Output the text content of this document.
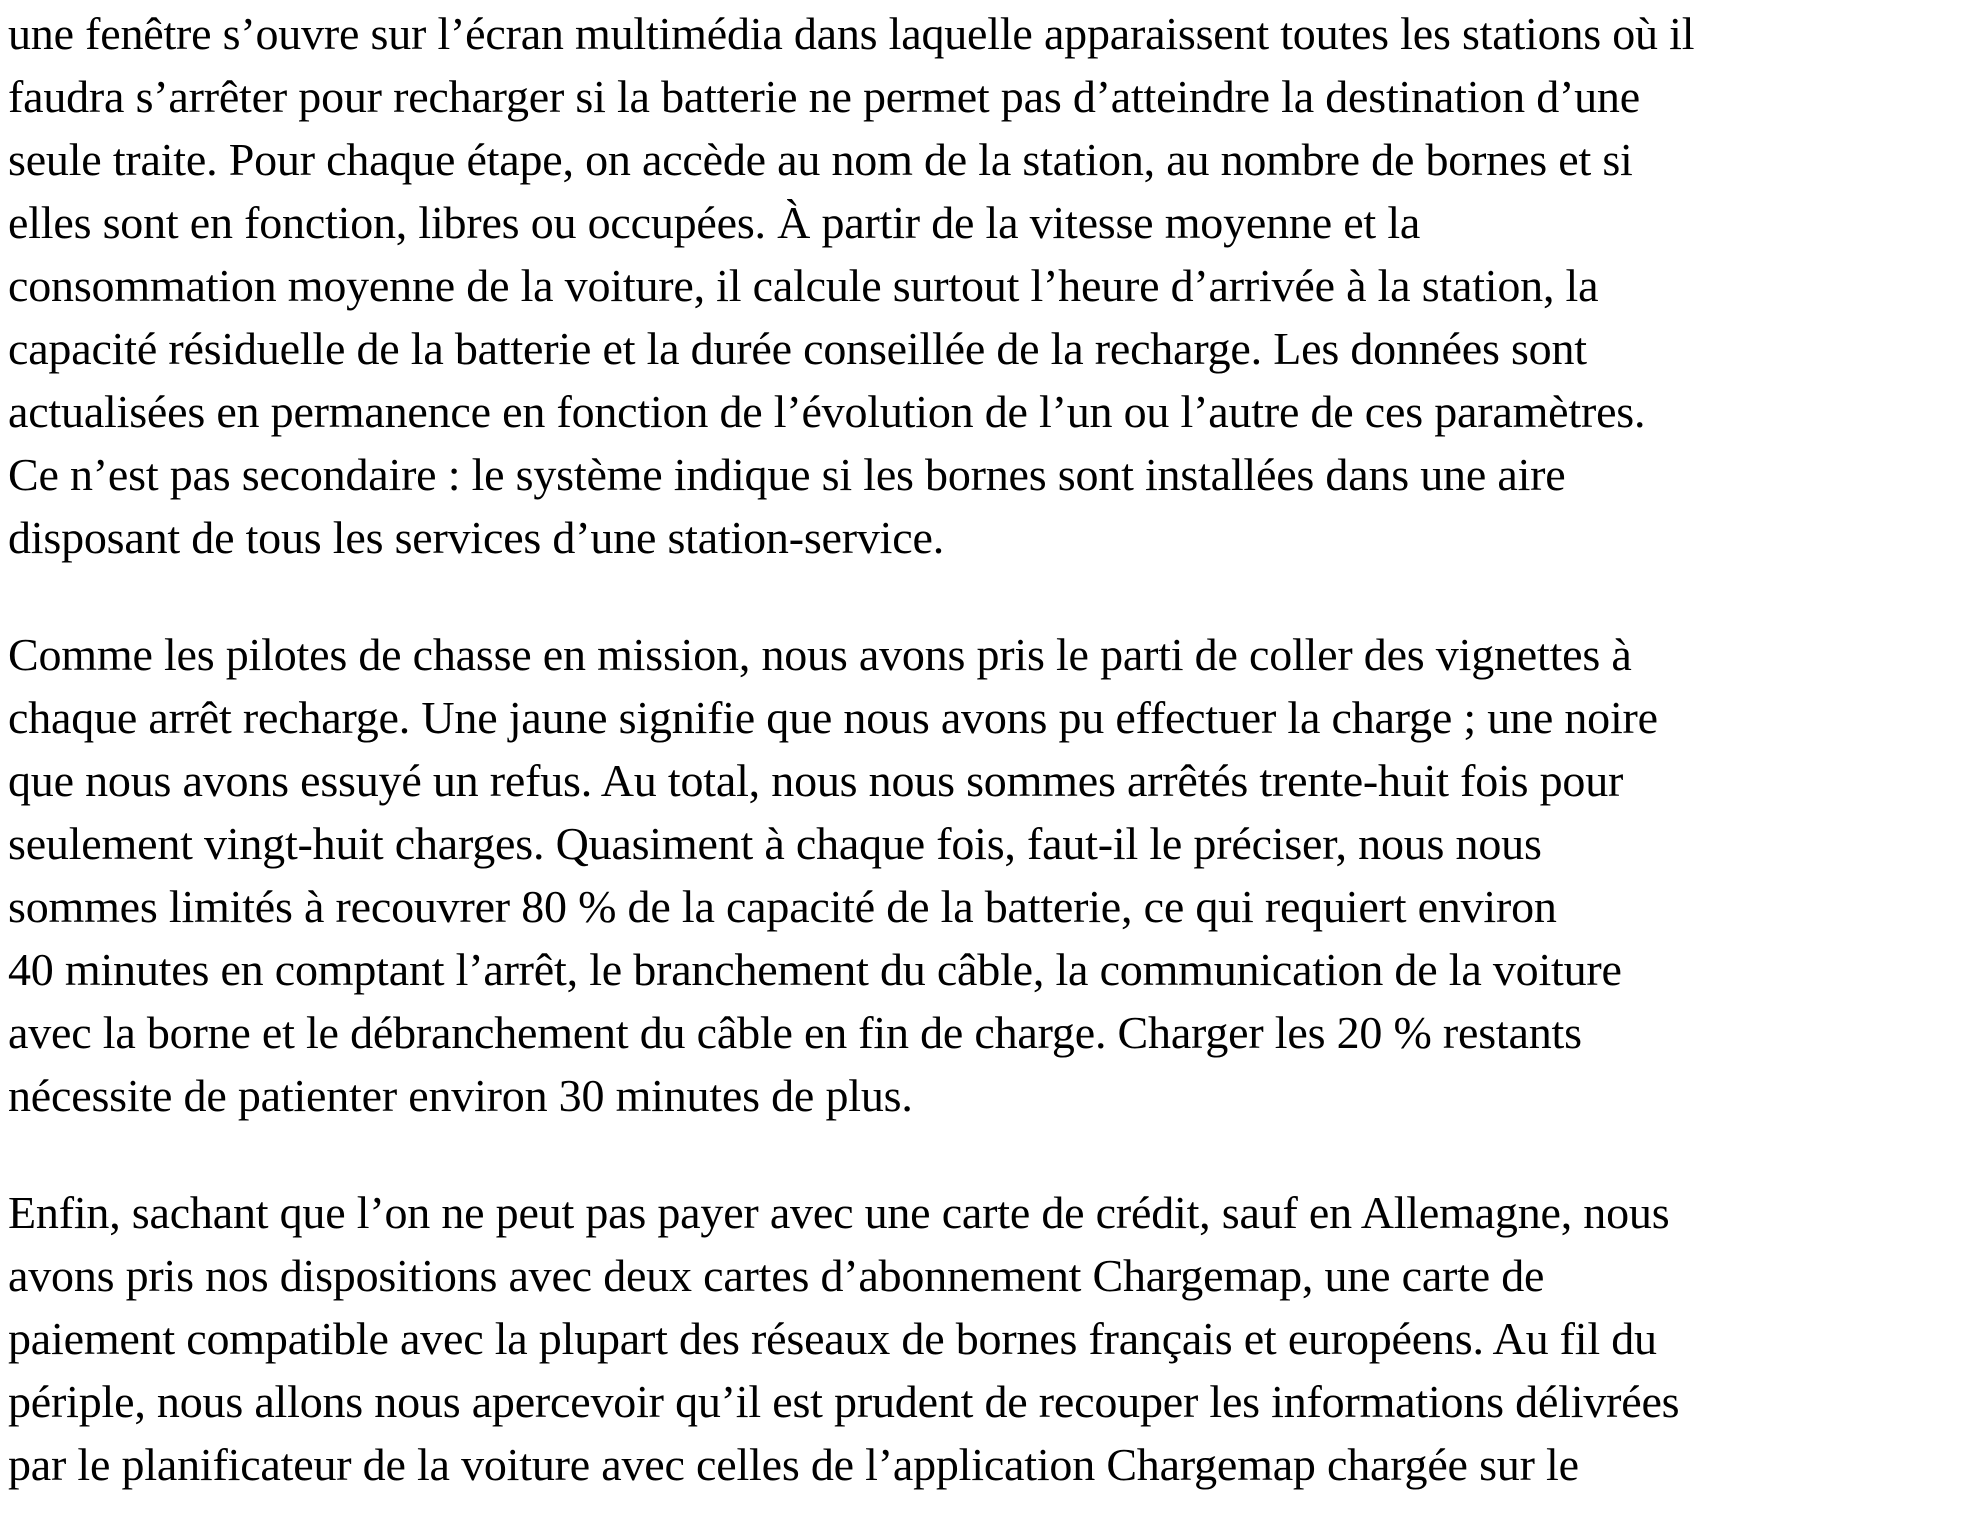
une fenêtre s’ouvre sur l’écran multimédia dans laquelle apparaissent toutes les stations où il
faudra s’arrêter pour recharger si la batterie ne permet pas d’atteindre la destination d’une
seule traite. Pour chaque étape, on accède au nom de la station, au nombre de bornes et si
elles sont en fonction, libres ou occupées. À partir de la vitesse moyenne et la
consommation moyenne de la voiture, il calcule surtout l’heure d’arrivée à la station, la
capacité résiduelle de la batterie et la durée conseillée de la recharge. Les données sont
actualisées en permanence en fonction de l’évolution de l’un ou l’autre de ces paramètres.
Ce n’est pas secondaire : le système indique si les bornes sont installées dans une aire
disposant de tous les services d’une station-service.

Comme les pilotes de chasse en mission, nous avons pris le parti de coller des vignettes à
chaque arrêt recharge. Une jaune signifie que nous avons pu effectuer la charge ; une noire
que nous avons essuyé un refus. Au total, nous nous sommes arrêtés trente-huit fois pour
seulement vingt-huit charges. Quasiment à chaque fois, faut-il le préciser, nous nous
sommes limités à recouvrer 80 % de la capacité de la batterie, ce qui requiert environ
40 minutes en comptant l’arrêt, le branchement du câble, la communication de la voiture
avec la borne et le débranchement du câble en fin de charge. Charger les 20 % restants
nécessite de patienter environ 30 minutes de plus.

Enfin, sachant que l’on ne peut pas payer avec une carte de crédit, sauf en Allemagne, nous
avons pris nos dispositions avec deux cartes d’abonnement Chargemap, une carte de
paiement compatible avec la plupart des réseaux de bornes français et européens. Au fil du
périple, nous allons nous apercevoir qu’il est prudent de recouper les informations délivrées
par le planificateur de la voiture avec celles de l’application Chargemap chargée sur le
